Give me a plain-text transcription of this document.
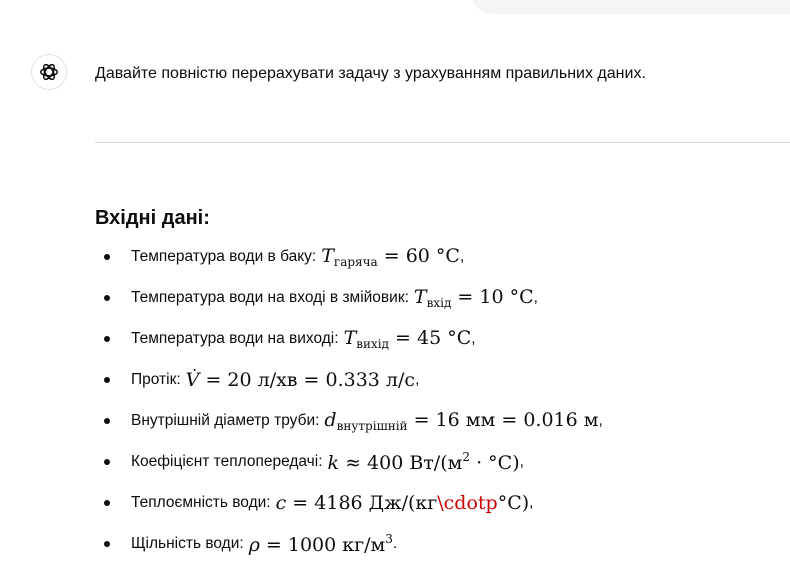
Давайте повністю перерахувати задачу з урахуванням правильних даних.
Вхідні дані:
Температура води в баку: $T_{гаряча} = 60$ °C ,
Температура води на вході в змійовик: $T_{вхід} = 10$ °C ,
Температура води на виході: $T_{вихід} = 45$ °C ,
Протік: V̇ = 20 л/хв = 0.333 л/с ,
Внутрішній діаметр труби: $d_{внутрішній} = 16$ мм = 0.016 м ,
Коефіцієнт теплопередачі: k ≈ 400 $Вт/(м^2 \cdot ^\circ C)$ ,
Теплоємність води: c = 4186 Дж/(кг\cdotp°C) ,
Щільність води: ρ = 1000 $кг/м^3$ .
